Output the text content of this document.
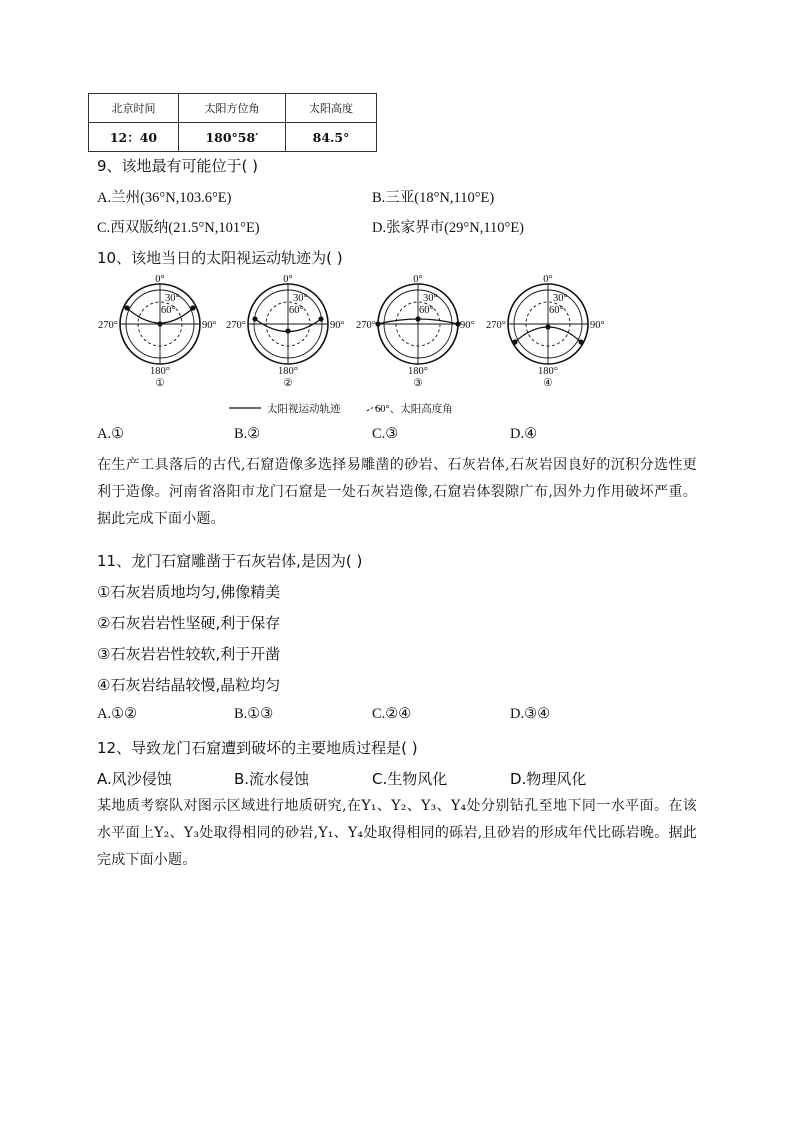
北京时间	太阳方位角	太阳高度
12：40	180°58′	84.5°
9、该地最有可能位于( )
A.兰州(36°N,103.6°E)	B.三亚(18°N,110°E)
C.西双版纳(21.5°N,101°E)	D.张家界市(29°N,110°E)
10、该地当日的太阳视运动轨迹为( )
0°
180°
270°	90°
30°
60°
①
0°
180°
270°	90°
30°
60°
②
0°
180°
270°	90°
30°
60°
③
0°
180°
270°	90°
30°
60°
④
太阳视运动轨迹	60°、太阳高度角
A.①	B.②	C.③	D.④
在生产工具落后的古代,石窟造像多选择易雕凿的砂岩、石灰岩体,石灰岩因良好的沉积分选性更利于造像。河南省洛阳市龙门石窟是一处石灰岩造像,石窟岩体裂隙广布,因外力作用破坏严重。据此完成下面小题。
11、龙门石窟雕凿于石灰岩体,是因为( )
①石灰岩质地均匀,佛像精美
②石灰岩岩性坚硬,利于保存
③石灰岩岩性较软,利于开凿
④石灰岩结晶较慢,晶粒均匀
A.①②	B.①③	C.②④	D.③④
12、导致龙门石窟遭到破坏的主要地质过程是( )
A.风沙侵蚀	B.流水侵蚀	C.生物风化	D.物理风化
某地质考察队对图示区域进行地质研究,在Y₁、Y₂、Y₃、Y₄处分别钻孔至地下同一水平面。在该水平面上Y₂、Y₃处取得相同的砂岩,Y₁、Y₄处取得相同的砾岩,且砂岩的形成年代比砾岩晚。据此完成下面小题。
